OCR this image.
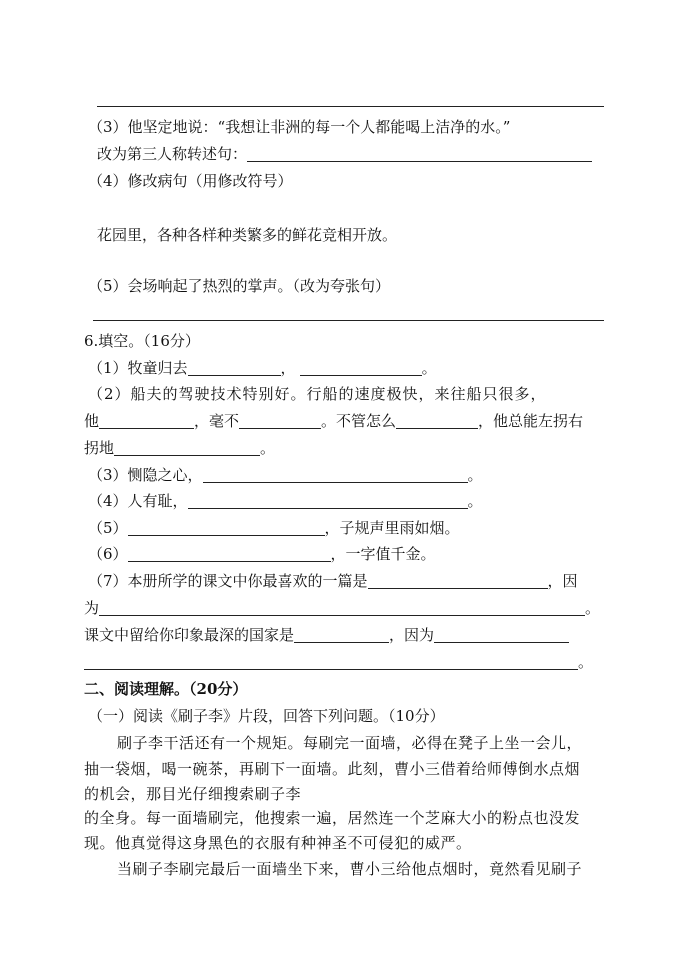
（3）他坚定地说：“我想让非洲的每一个人都能喝上洁净的水。”
改为第三人称转述句：
（4）修改病句（用修改符号）
花园里，各种各样种类繁多的鲜花竞相开放。
（5）会场响起了热烈的掌声。（改为夸张句）
6.填空。（16分）
（1）牧童归去	，	。
（2）船夫的驾驶技术特别好。行船的速度极快，来往船只很多，
他	，毫不	。不管怎么	，他总能左拐右
拐地	。
（3）恻隐之心，	。
（4）人有耻，	。
（5）	，子规声里雨如烟。
（6）	，一字值千金。
（7）本册所学的课文中你最喜欢的一篇是	，因
为	。
课文中留给你印象最深的国家是	，因为
。
二、阅读理解。（20分）
（一）阅读《刷子李》片段，回答下列问题。（10分）
刷子李干活还有一个规矩。每刷完一面墙，必得在凳子上坐一会儿，
抽一袋烟，喝一碗茶，再刷下一面墙。此刻，曹小三借着给师傅倒水点烟
的机会，那目光仔细搜索刷子李
的全身。每一面墙刷完，他搜索一遍，居然连一个芝麻大小的粉点也没发
现。他真觉得这身黑色的衣服有种神圣不可侵犯的威严。
当刷子李刷完最后一面墙坐下来，曹小三给他点烟时，竟然看见刷子
